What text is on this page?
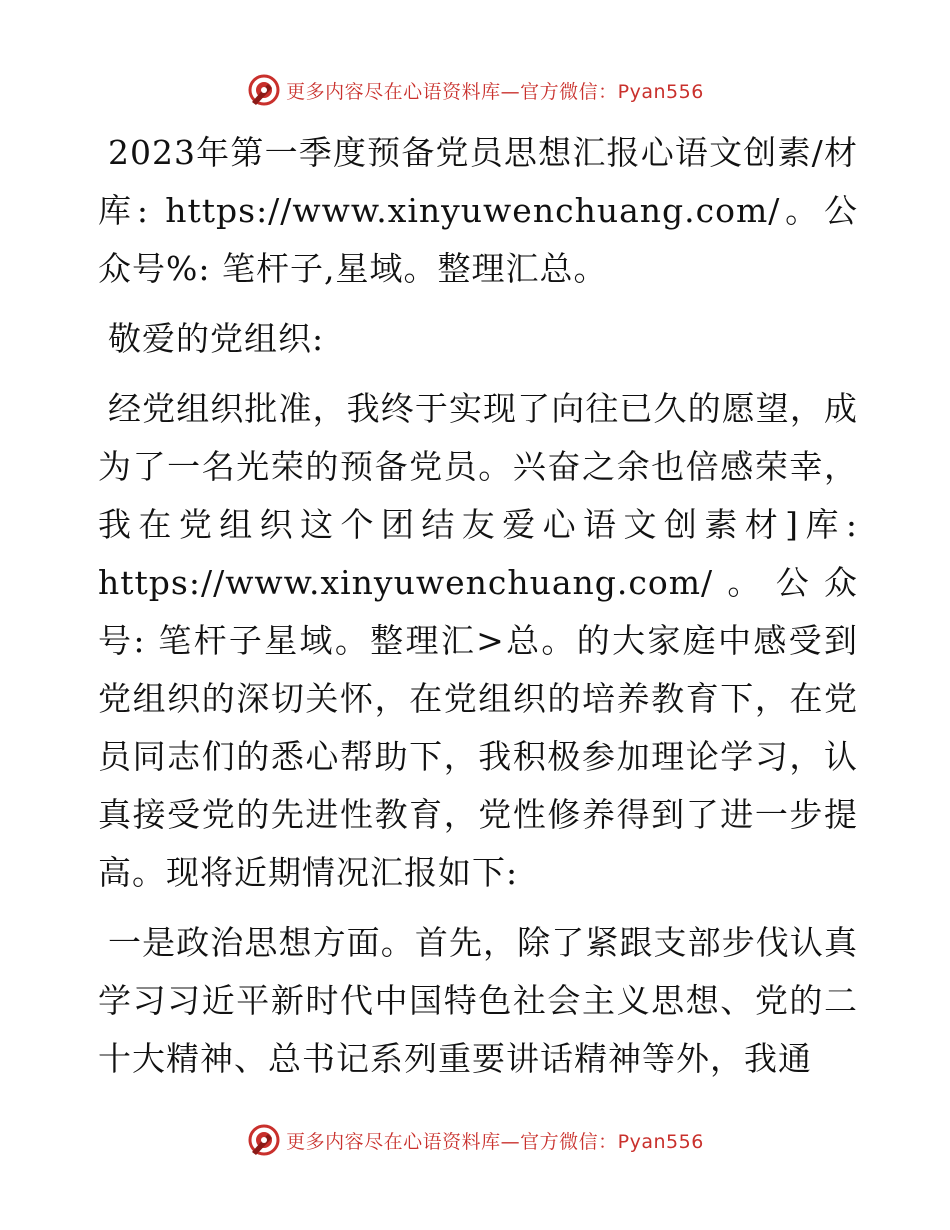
更多内容尽在心语资料库—官方微信：Pyan556

2023年第一季度预备党员思想汇报心语文创素/材库: https://www.xinyuwenchuang.com/。公众号%: 笔杆子,星域。整理汇总。

敬爱的党组织:

经党组织批准，我终于实现了向往已久的愿望，成为了一名光荣的预备党员。兴奋之余也倍感荣幸，我在党组织这个团结友爱心语文创素材]库: https://www.xinyuwenchuang.com/。公众号: 笔杆子星域。整理汇>总。的大家庭中感受到党组织的深切关怀，在党组织的培养教育下，在党员同志们的悉心帮助下，我积极参加理论学习，认真接受党的先进性教育，党性修养得到了进一步提高。现将近期情况汇报如下:

一是政治思想方面。首先，除了紧跟支部步伐认真学习习近平新时代中国特色社会主义思想、党的二十大精神、总书记系列重要讲话精神等外，我通

更多内容尽在心语资料库—官方微信：Pyan556
